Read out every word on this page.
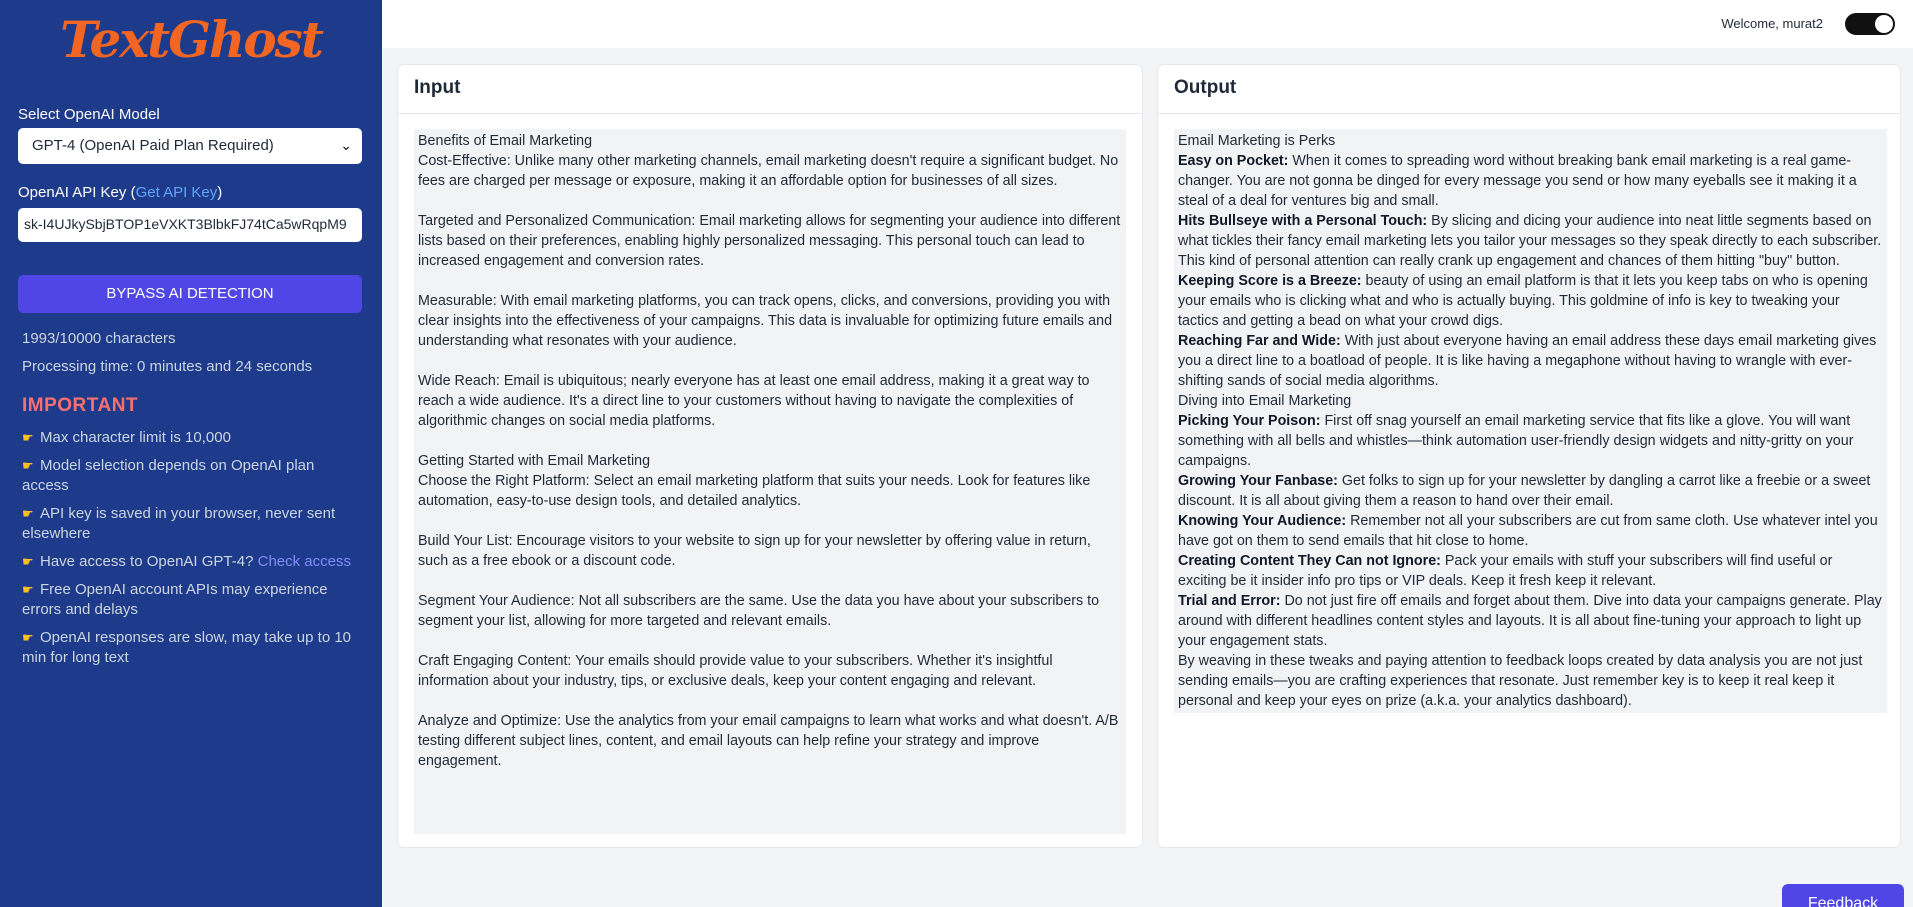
TextGhost
Select OpenAI Model
GPT-4 (OpenAI Paid Plan Required)	⌄
OpenAI API Key (Get API Key)
sk-I4UJkySbjBTOP1eVXKT3BlbkFJ74tCa5wRqpM9
BYPASS AI DETECTION
1993/10000 characters
Processing time: 0 minutes and 24 seconds
IMPORTANT
☛ Max character limit is 10,000
☛ Model selection depends on OpenAI plan access
☛ API key is saved in your browser, never sent elsewhere
☛ Have access to OpenAI GPT-4? Check access
☛ Free OpenAI account APIs may experience errors and delays
☛ OpenAI responses are slow, may take up to 10 min for long text
Welcome, murat2
Input
Benefits of Email Marketing
Cost-Effective: Unlike many other marketing channels, email marketing doesn't require a significant budget. No fees are charged per message or exposure, making it an affordable option for businesses of all sizes.
Targeted and Personalized Communication: Email marketing allows for segmenting your audience into different lists based on their preferences, enabling highly personalized messaging. This personal touch can lead to increased engagement and conversion rates.
Measurable: With email marketing platforms, you can track opens, clicks, and conversions, providing you with clear insights into the effectiveness of your campaigns. This data is invaluable for optimizing future emails and understanding what resonates with your audience.
Wide Reach: Email is ubiquitous; nearly everyone has at least one email address, making it a great way to reach a wide audience. It's a direct line to your customers without having to navigate the complexities of algorithmic changes on social media platforms.
Getting Started with Email Marketing
Choose the Right Platform: Select an email marketing platform that suits your needs. Look for features like automation, easy-to-use design tools, and detailed analytics.
Build Your List: Encourage visitors to your website to sign up for your newsletter by offering value in return, such as a free ebook or a discount code.
Segment Your Audience: Not all subscribers are the same. Use the data you have about your subscribers to segment your list, allowing for more targeted and relevant emails.
Craft Engaging Content: Your emails should provide value to your subscribers. Whether it's insightful information about your industry, tips, or exclusive deals, keep your content engaging and relevant.
Analyze and Optimize: Use the analytics from your email campaigns to learn what works and what doesn't. A/B testing different subject lines, content, and email layouts can help refine your strategy and improve engagement.
Output
Email Marketing is Perks
Easy on Pocket: When it comes to spreading word without breaking bank email marketing is a real game-changer. You are not gonna be dinged for every message you send or how many eyeballs see it making it a steal of a deal for ventures big and small.
Hits Bullseye with a Personal Touch: By slicing and dicing your audience into neat little segments based on what tickles their fancy email marketing lets you tailor your messages so they speak directly to each subscriber. This kind of personal attention can really crank up engagement and chances of them hitting "buy" button.
Keeping Score is a Breeze: beauty of using an email platform is that it lets you keep tabs on who is opening your emails who is clicking what and who is actually buying. This goldmine of info is key to tweaking your tactics and getting a bead on what your crowd digs.
Reaching Far and Wide: With just about everyone having an email address these days email marketing gives you a direct line to a boatload of people. It is like having a megaphone without having to wrangle with ever-shifting sands of social media algorithms.
Diving into Email Marketing
Picking Your Poison: First off snag yourself an email marketing service that fits like a glove. You will want something with all bells and whistles—think automation user-friendly design widgets and nitty-gritty on your campaigns.
Growing Your Fanbase: Get folks to sign up for your newsletter by dangling a carrot like a freebie or a sweet discount. It is all about giving them a reason to hand over their email.
Knowing Your Audience: Remember not all your subscribers are cut from same cloth. Use whatever intel you have got on them to send emails that hit close to home.
Creating Content They Can not Ignore: Pack your emails with stuff your subscribers will find useful or exciting be it insider info pro tips or VIP deals. Keep it fresh keep it relevant.
Trial and Error: Do not just fire off emails and forget about them. Dive into data your campaigns generate. Play around with different headlines content styles and layouts. It is all about fine-tuning your approach to light up your engagement stats.
By weaving in these tweaks and paying attention to feedback loops created by data analysis you are not just sending emails—you are crafting experiences that resonate. Just remember key is to keep it real keep it personal and keep your eyes on prize (a.k.a. your analytics dashboard).
Feedback
